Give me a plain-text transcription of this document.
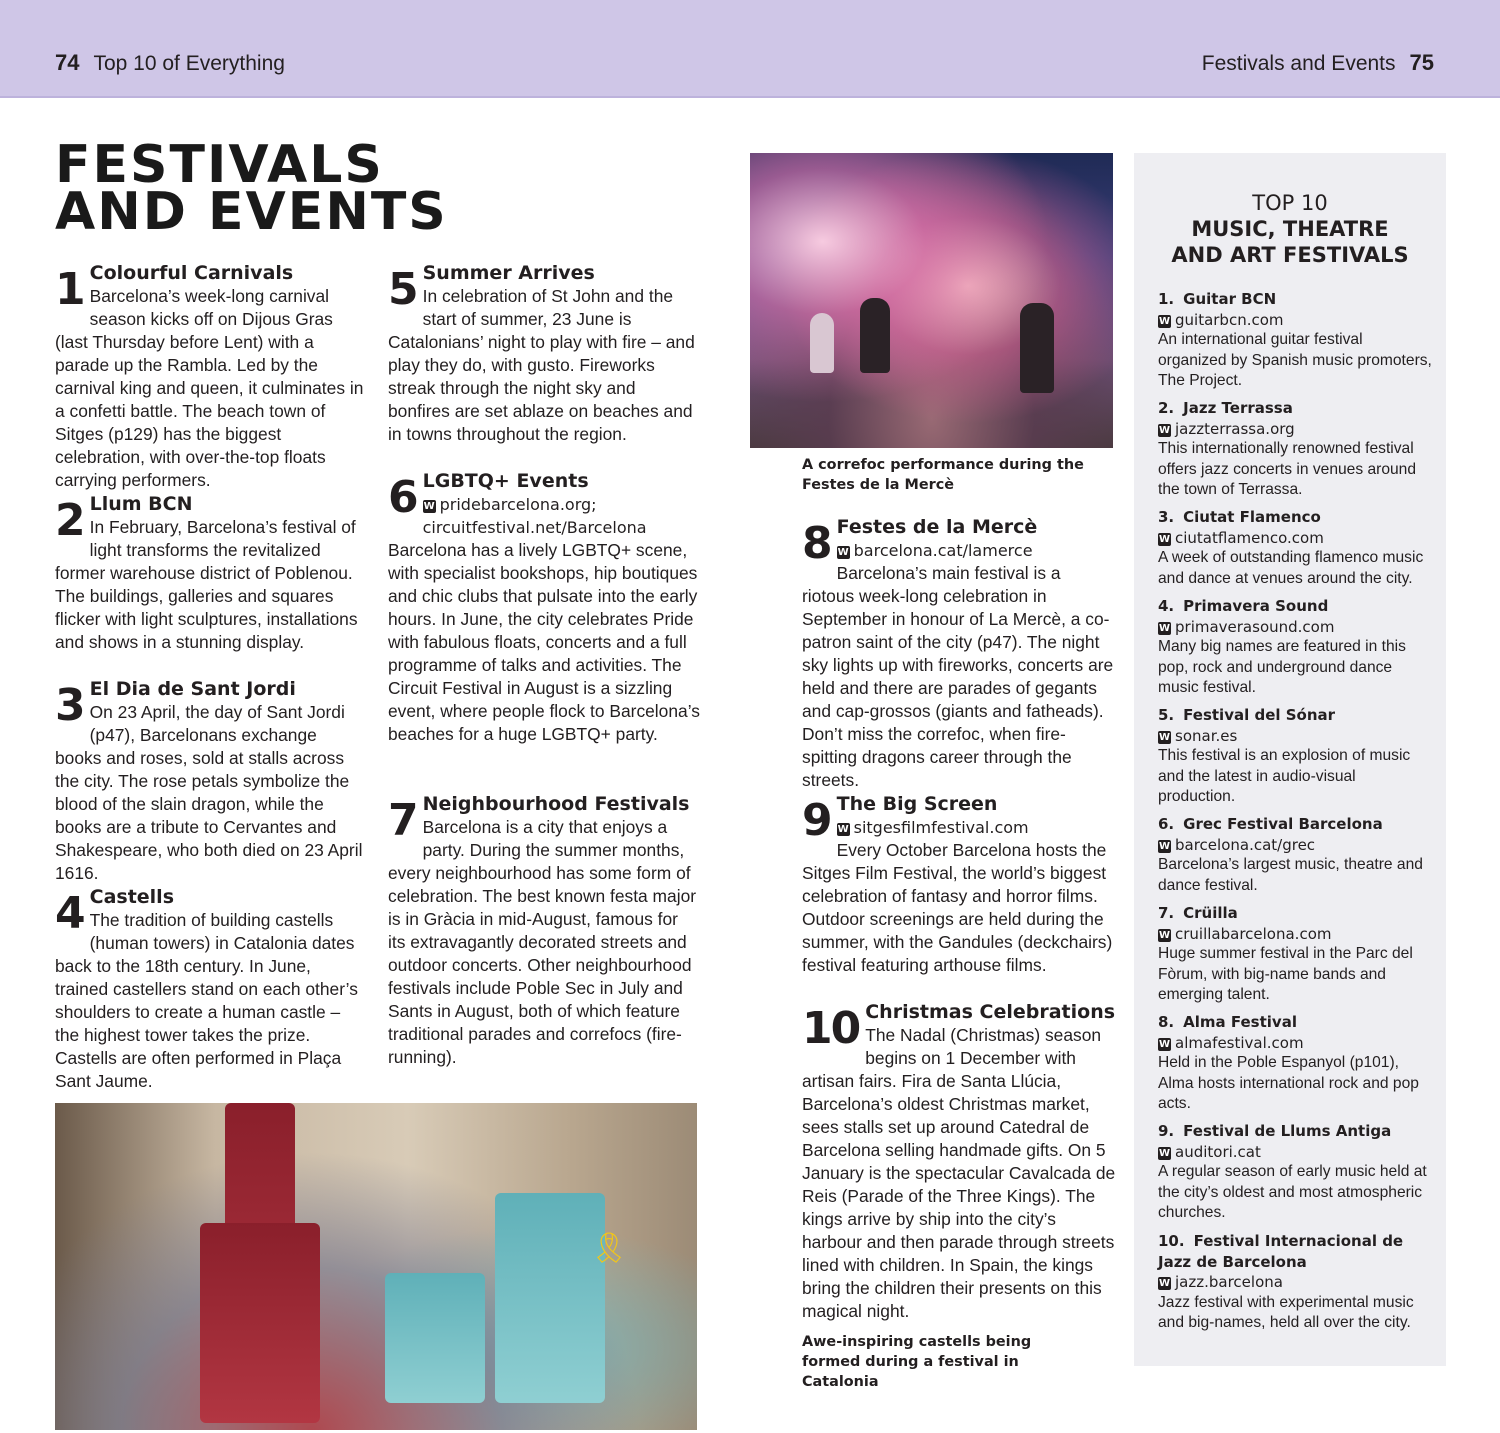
74 Top 10 of Everything	Festivals and Events 75
FESTIVALS
AND EVENTS
1 Colourful Carnivals
Barcelona’s week-long carnival season kicks off on Dijous Gras (last Thursday before Lent) with a parade up the Rambla. Led by the carnival king and queen, it culminates in a confetti battle. The beach town of Sitges (p129) has the biggest celebration, with over-the-top floats carrying performers.
2 Llum BCN
In February, Barcelona’s festival of light transforms the revitalized former warehouse district of Poblenou. The buildings, galleries and squares flicker with light sculptures, installations and shows in a stunning display.
3 El Dia de Sant Jordi
On 23 April, the day of Sant Jordi (p47), Barcelonans exchange books and roses, sold at stalls across the city. The rose petals symbolize the blood of the slain dragon, while the books are a tribute to Cervantes and Shakespeare, who both died on 23 April 1616.
4 Castells
The tradition of building castells (human towers) in Catalonia dates back to the 18th century. In June, trained castellers stand on each other’s shoulders to create a human castle – the highest tower takes the prize. Castells are often performed in Plaça Sant Jaume.
5 Summer Arrives
In celebration of St John and the start of summer, 23 June is Catalonians’ night to play with fire – and play they do, with gusto. Fireworks streak through the night sky and bonfires are set ablaze on beaches and in towns throughout the region.
6 LGBTQ+ Events
W pridebarcelona.org; circuitfestival.net/Barcelona
Barcelona has a lively LGBTQ+ scene, with specialist bookshops, hip boutiques and chic clubs that pulsate into the early hours. In June, the city celebrates Pride with fabulous floats, concerts and a full programme of talks and activities. The Circuit Festival in August is a sizzling event, where people flock to Barcelona’s beaches for a huge LGBTQ+ party.
7 Neighbourhood Festivals
Barcelona is a city that enjoys a party. During the summer months, every neighbourhood has some form of celebration. The best known festa major is in Gràcia in mid-August, famous for its extravagantly decorated streets and outdoor concerts. Other neighbourhood festivals include Poble Sec in July and Sants in August, both of which feature traditional parades and correfocs (fire-running).
A correfoc performance during the Festes de la Mercè
8 Festes de la Mercè
W barcelona.cat/lamerce
Barcelona’s main festival is a riotous week-long celebration in September in honour of La Mercè, a co-patron saint of the city (p47). The night sky lights up with fireworks, concerts are held and there are parades of gegants and cap-grossos (giants and fatheads). Don’t miss the correfoc, when fire-spitting dragons career through the streets.
9 The Big Screen
W sitgesfilmfestival.com
Every October Barcelona hosts the Sitges Film Festival, the world’s biggest celebration of fantasy and horror films. Outdoor screenings are held during the summer, with the Gandules (deckchairs) festival featuring arthouse films.
10 Christmas Celebrations
The Nadal (Christmas) season begins on 1 December with artisan fairs. Fira de Santa Llúcia, Barcelona’s oldest Christmas market, sees stalls set up around Catedral de Barcelona selling handmade gifts. On 5 January is the spectacular Cavalcada de Reis (Parade of the Three Kings). The kings arrive by ship into the city’s harbour and then parade through streets lined with children. In Spain, the kings bring the children their presents on this magical night.
Awe-inspiring castells being formed during a festival in Catalonia
🎗
TOP 10
MUSIC, THEATRE AND ART FESTIVALS
1. Guitar BCN
W guitarbcn.com
An international guitar festival organized by Spanish music promoters, The Project.
2. Jazz Terrassa
W jazzterrassa.org
This internationally renowned festival offers jazz concerts in venues around the town of Terrassa.
3. Ciutat Flamenco
W ciutatflamenco.com
A week of outstanding flamenco music and dance at venues around the city.
4. Primavera Sound
W primaverasound.com
Many big names are featured in this pop, rock and underground dance music festival.
5. Festival del Sónar
W sonar.es
This festival is an explosion of music and the latest in audio-visual production.
6. Grec Festival Barcelona
W barcelona.cat/grec
Barcelona’s largest music, theatre and dance festival.
7. Crüilla
W cruillabarcelona.com
Huge summer festival in the Parc del Fòrum, with big-name bands and emerging talent.
8. Alma Festival
W almafestival.com
Held in the Poble Espanyol (p101), Alma hosts international rock and pop acts.
9. Festival de Llums Antiga
W auditori.cat
A regular season of early music held at the city’s oldest and most atmospheric churches.
10. Festival Internacional de Jazz de Barcelona
W jazz.barcelona
Jazz festival with experimental music and big-names, held all over the city.
